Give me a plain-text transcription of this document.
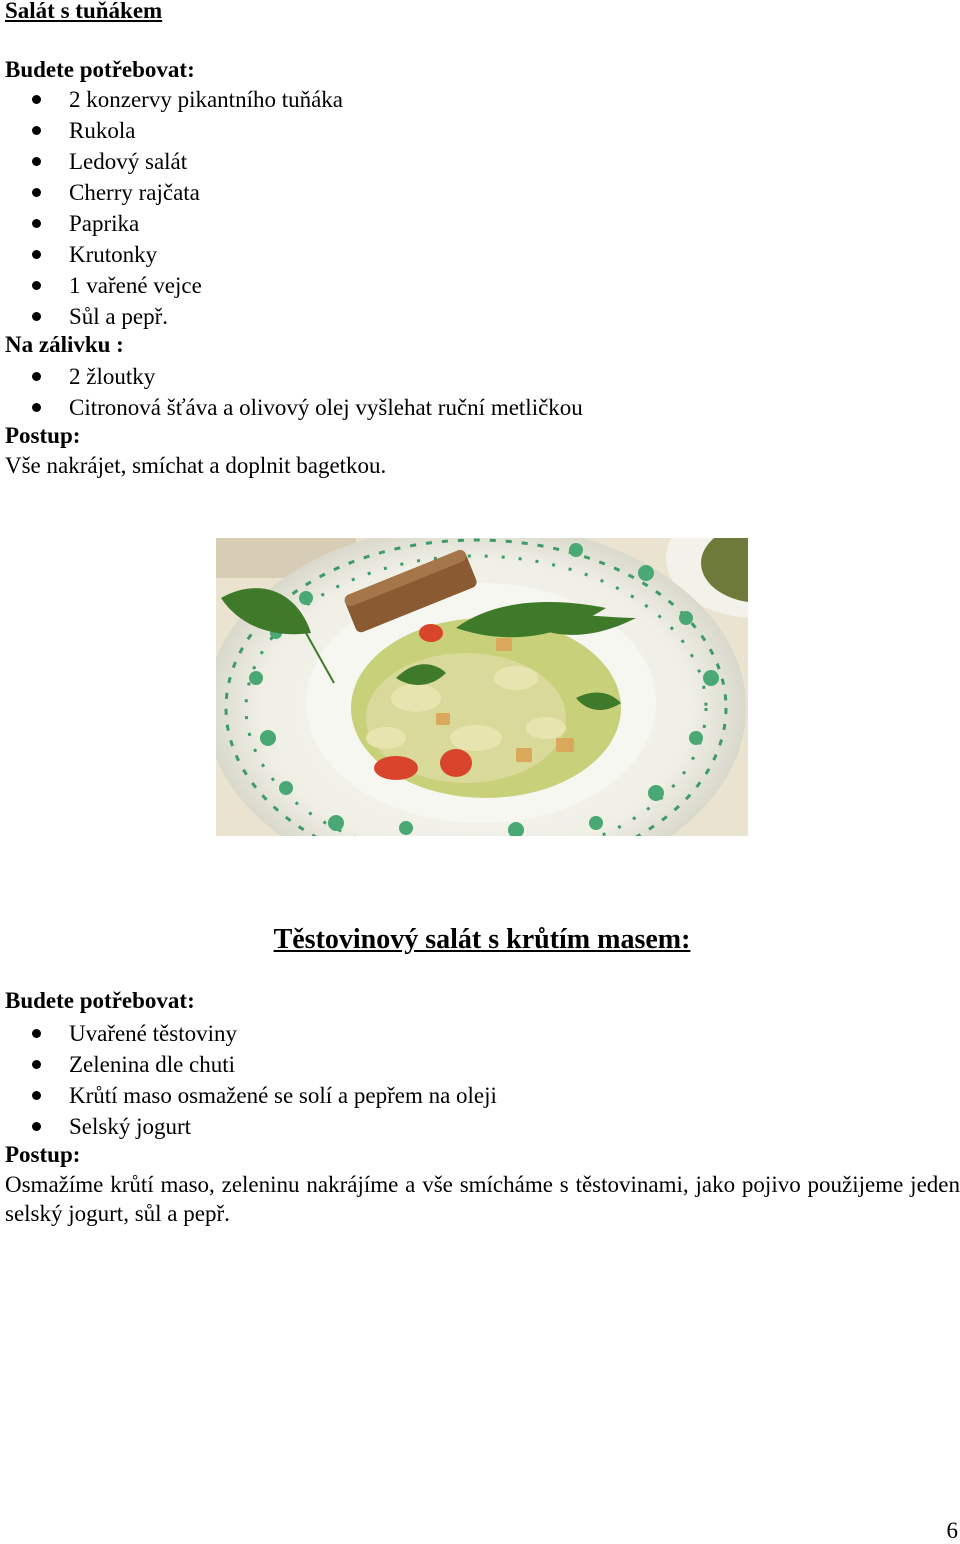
Salát s tuňákem
Budete potřebovat:
2 konzervy pikantního tuňáka
Rukola
Ledový salát
Cherry rajčata
Paprika
Krutonky
1 vařené vejce
Sůl a pepř.
Na zálivku :
2 žloutky
Citronová šťáva a olivový olej vyšlehat ruční metličkou
Postup:
Vše nakrájet, smíchat a doplnit bagetkou.
Těstovinový salát s krůtím masem:
Budete potřebovat:
Uvařené těstoviny
Zelenina dle chuti
Krůtí maso osmažené se solí a pepřem na oleji
Selský jogurt
Postup:
Osmažíme krůtí maso, zeleninu nakrájíme a vše smícháme s těstovinami, jako pojivo použijeme jeden selský jogurt, sůl a pepř.
6
